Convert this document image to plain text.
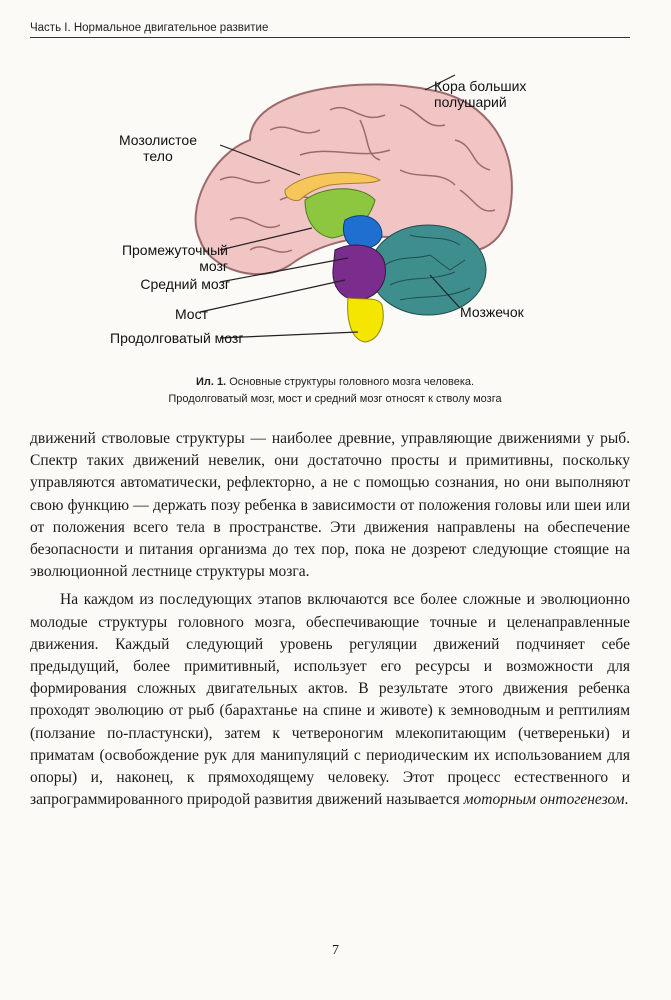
Часть I. Нормальное двигательное развитие
Кора больших
полушарий
Мозолистое
тело
Промежуточный
мозг
Средний мозг
Мост
Продолговатый мозг
Мозжечок
Ил. 1. Основные структуры головного мозга человека.
Продолговатый мозг, мост и средний мозг относят к стволу мозга

движений стволовые структуры — наиболее древние, управляющие движениями у рыб. Спектр таких движений невелик, они достаточно просты и примитивны, поскольку управляются автоматически, рефлекторно, а не с помощью сознания, но они выполняют свою функцию — держать позу ребенка в зависимости от положения головы или шеи или от положения всего тела в пространстве. Эти движения направлены на обеспечение безопасности и питания организма до тех пор, пока не дозреют следующие стоящие на эволюционной лестнице структуры мозга.

На каждом из последующих этапов включаются все более сложные и эволюционно молодые структуры головного мозга, обеспечивающие точные и целенаправленные движения. Каждый следующий уровень регуляции движений подчиняет себе предыдущий, более примитивный, использует его ресурсы и возможности для формирования сложных двигательных актов. В результате этого движения ребенка проходят эволюцию от рыб (барахтанье на спине и животе) к земноводным и рептилиям (ползание по-пластунски), затем к четвероногим млекопитающим (четвереньки) и приматам (освобождение рук для манипуляций с периодическим их использованием для опоры) и, наконец, к прямоходящему человеку. Этот процесс естественного и запрограммированного природой развития движений называется моторным онтогенезом.

7
